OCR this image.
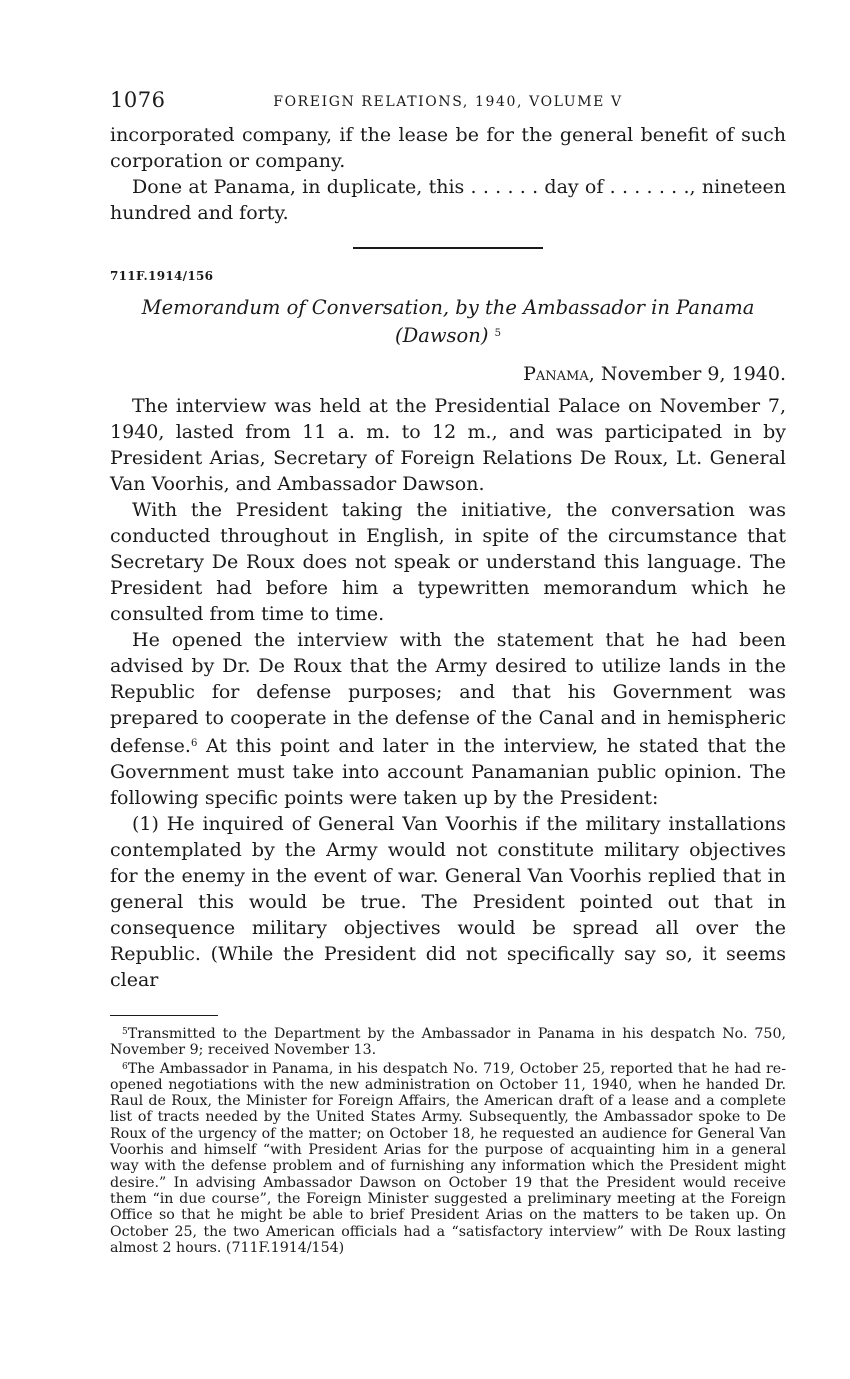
1076	FOREIGN RELATIONS, 1940, VOLUME V

incorporated company, if the lease be for the general benefit of such corporation or company.

Done at Panama, in duplicate, this . . . . . . day of . . . . . . ., nineteen hundred and forty.

711F.1914/156

Memorandum of Conversation, by the Ambassador in Panama (Dawson) $^5$

Panama, November 9, 1940.

The interview was held at the Presidential Palace on November 7, 1940, lasted from 11 a. m. to 12 m., and was participated in by President Arias, Secretary of Foreign Relations De Roux, Lt. General Van Voorhis, and Ambassador Dawson.

With the President taking the initiative, the conversation was conducted throughout in English, in spite of the circumstance that Secretary De Roux does not speak or understand this language. The President had before him a typewritten memorandum which he consulted from time to time.

He opened the interview with the statement that he had been advised by Dr. De Roux that the Army desired to utilize lands in the Republic for defense purposes; and that his Government was prepared to cooperate in the defense of the Canal and in hemispheric defense.$^6$ At this point and later in the interview, he stated that the Government must take into account Panamanian public opinion. The following specific points were taken up by the President:

(1) He inquired of General Van Voorhis if the military installations contemplated by the Army would not constitute military objectives for the enemy in the event of war. General Van Voorhis replied that in general this would be true. The President pointed out that in consequence military objectives would be spread all over the Republic. (While the President did not specifically say so, it seems clear

$^5$Transmitted to the Department by the Ambassador in Panama in his despatch No. 750, November 9; received November 13.

$^6$The Ambassador in Panama, in his despatch No. 719, October 25, reported that he had re-opened negotiations with the new administration on October 11, 1940, when he handed Dr. Raul de Roux, the Minister for Foreign Affairs, the American draft of a lease and a complete list of tracts needed by the United States Army. Subsequently, the Ambassador spoke to De Roux of the urgency of the matter; on October 18, he requested an audience for General Van Voorhis and himself “with President Arias for the purpose of acquainting him in a general way with the defense problem and of furnishing any information which the President might desire.” In advising Ambassador Dawson on October 19 that the President would receive them “in due course”, the Foreign Minister suggested a preliminary meeting at the Foreign Office so that he might be able to brief President Arias on the matters to be taken up. On October 25, the two American officials had a “satisfactory interview” with De Roux lasting almost 2 hours. (711F.1914/154)
